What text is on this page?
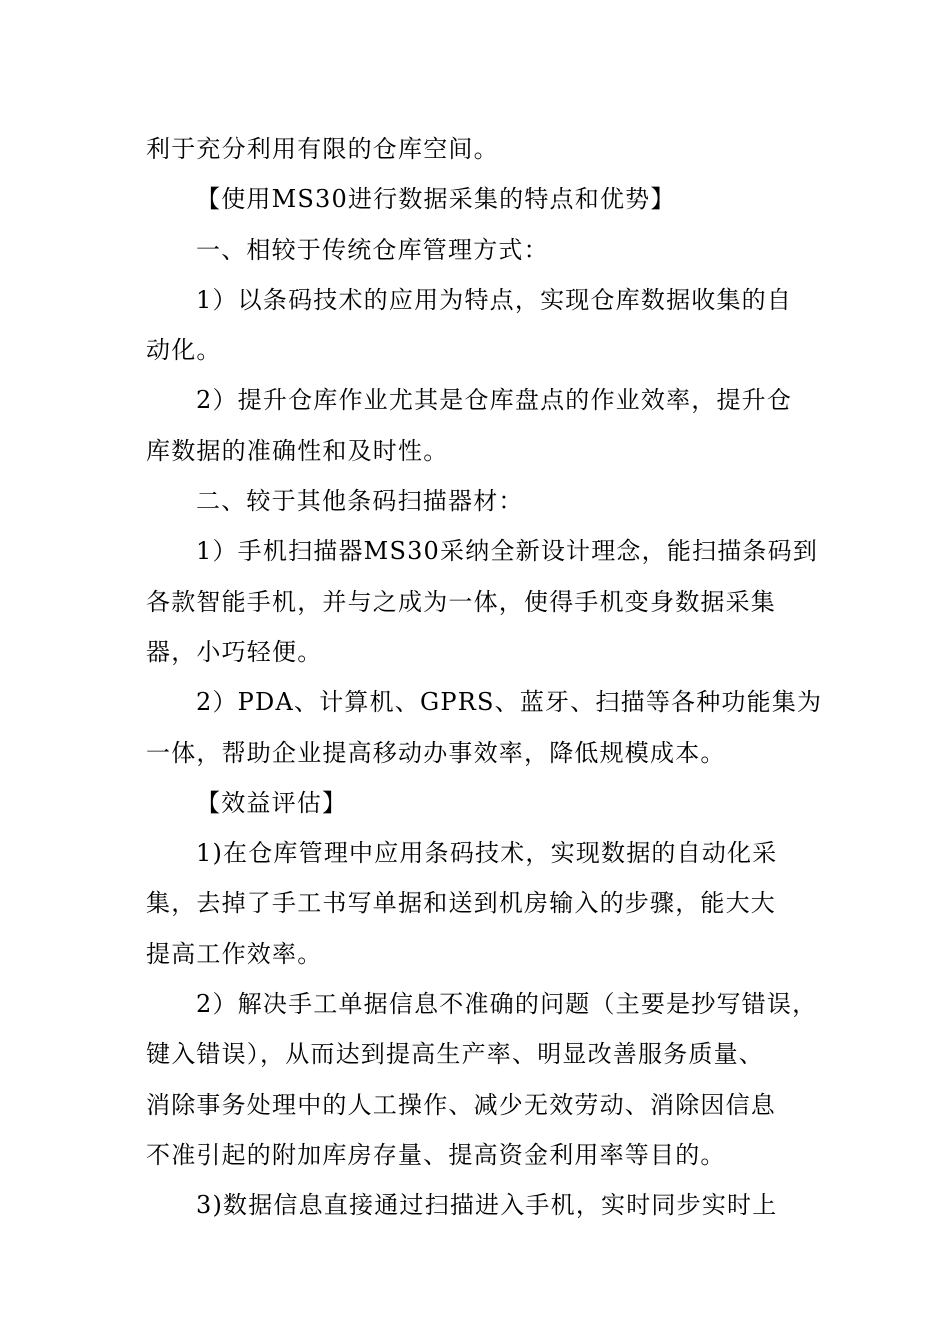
利于充分利用有限的仓库空间。

【使用MS30进行数据采集的特点和优势】

一、相较于传统仓库管理方式：

1）以条码技术的应用为特点，实现仓库数据收集的自

动化。

2）提升仓库作业尤其是仓库盘点的作业效率，提升仓

库数据的准确性和及时性。

二、较于其他条码扫描器材：

1）手机扫描器MS30采纳全新设计理念，能扫描条码到

各款智能手机，并与之成为一体，使得手机变身数据采集

器，小巧轻便。

2）PDA、计算机、GPRS、蓝牙、扫描等各种功能集为

一体，帮助企业提高移动办事效率，降低规模成本。

【效益评估】

1)在仓库管理中应用条码技术，实现数据的自动化采

集，去掉了手工书写单据和送到机房输入的步骤，能大大

提高工作效率。

2）解决手工单据信息不准确的问题（主要是抄写错误，

键入错误），从而达到提高生产率、明显改善服务质量、

消除事务处理中的人工操作、减少无效劳动、消除因信息

不准引起的附加库房存量、提高资金利用率等目的。

3)数据信息直接通过扫描进入手机，实时同步实时上
